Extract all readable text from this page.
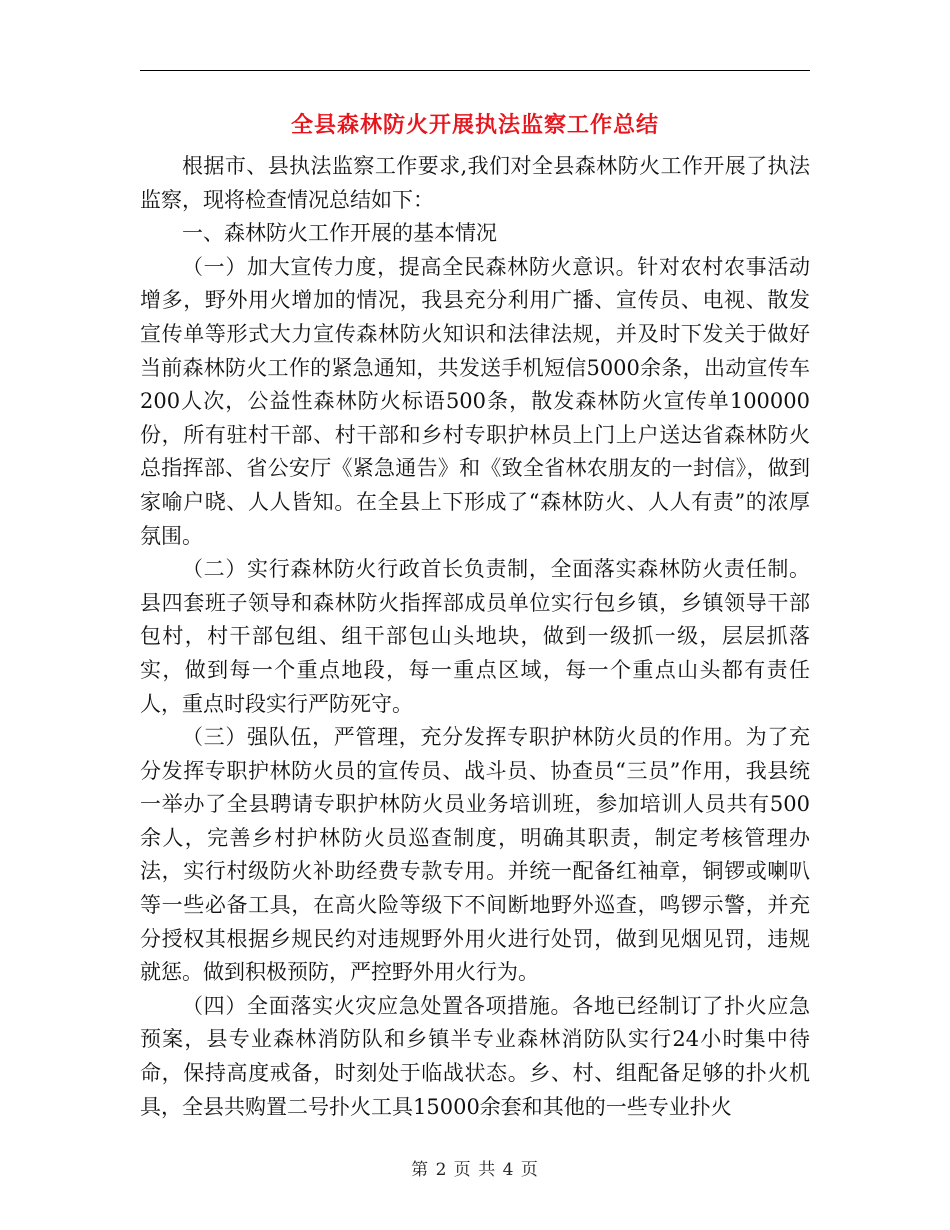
全县森林防火开展执法监察工作总结

根据市、县执法监察工作要求,我们对全县森林防火工作开展了执法监察，现将检查情况总结如下：

一、森林防火工作开展的基本情况

（一）加大宣传力度，提高全民森林防火意识。针对农村农事活动增多，野外用火增加的情况，我县充分利用广播、宣传员、电视、散发宣传单等形式大力宣传森林防火知识和法律法规，并及时下发关于做好当前森林防火工作的紧急通知，共发送手机短信5000余条，出动宣传车200人次，公益性森林防火标语500条，散发森林防火宣传单100000份，所有驻村干部、村干部和乡村专职护林员上门上户送达省森林防火总指挥部、省公安厅《紧急通告》和《致全省林农朋友的一封信》，做到家喻户晓、人人皆知。在全县上下形成了“森林防火、人人有责”的浓厚氛围。

（二）实行森林防火行政首长负责制，全面落实森林防火责任制。县四套班子领导和森林防火指挥部成员单位实行包乡镇，乡镇领导干部包村，村干部包组、组干部包山头地块，做到一级抓一级，层层抓落实，做到每一个重点地段，每一重点区域，每一个重点山头都有责任人，重点时段实行严防死守。

（三）强队伍，严管理，充分发挥专职护林防火员的作用。为了充分发挥专职护林防火员的宣传员、战斗员、协查员“三员”作用，我县统一举办了全县聘请专职护林防火员业务培训班，参加培训人员共有500余人，完善乡村护林防火员巡查制度，明确其职责，制定考核管理办法，实行村级防火补助经费专款专用。并统一配备红袖章，铜锣或喇叭等一些必备工具，在高火险等级下不间断地野外巡查，鸣锣示警，并充分授权其根据乡规民约对违规野外用火进行处罚，做到见烟见罚，违规就惩。做到积极预防，严控野外用火行为。

（四）全面落实火灾应急处置各项措施。各地已经制订了扑火应急预案，县专业森林消防队和乡镇半专业森林消防队实行24小时集中待命，保持高度戒备，时刻处于临战状态。乡、村、组配备足够的扑火机具，全县共购置二号扑火工具15000余套和其他的一些专业扑火

第 2 页 共 4 页
